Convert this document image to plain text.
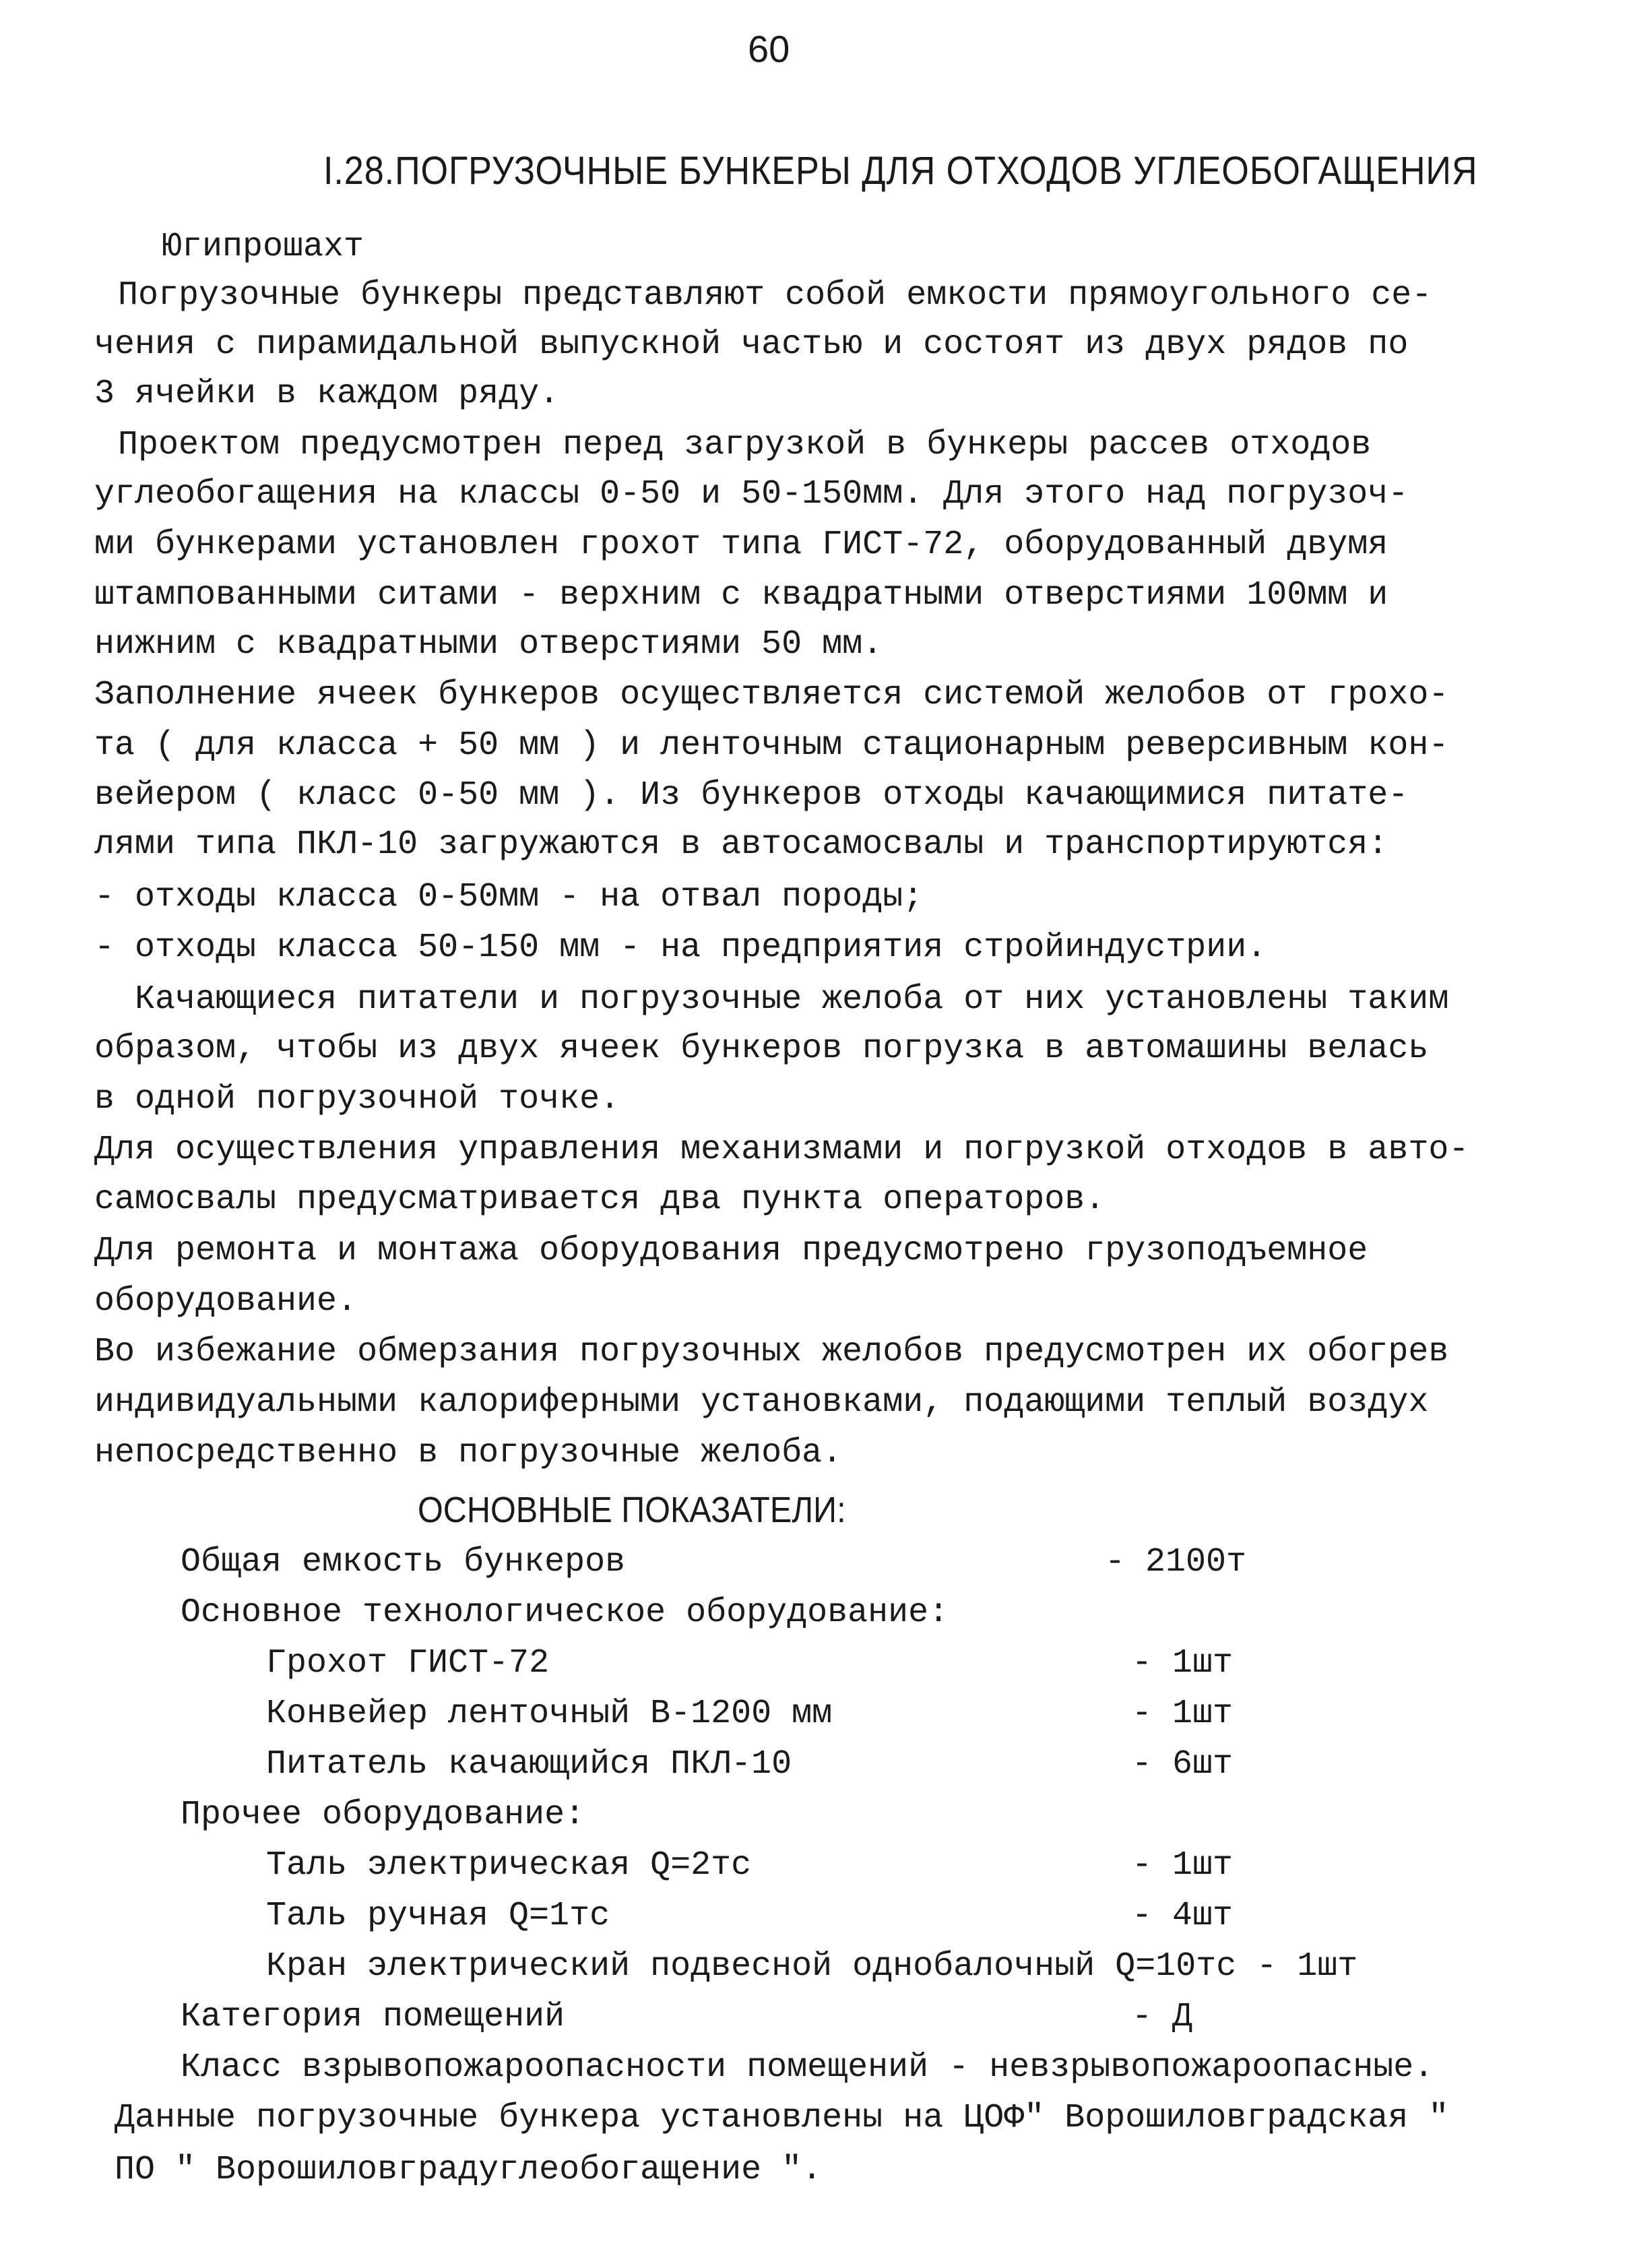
60
I.28.ПОГРУЗОЧНЫЕ БУНКЕРЫ ДЛЯ ОТХОДОВ УГЛЕОБОГАЩЕНИЯ
Югипрошахт
Погрузочные бункеры представляют собой емкости прямоугольного се-
чения с пирамидальной выпускной частью и состоят из двух рядов по
3 ячейки в каждом ряду.
Проектом предусмотрен перед загрузкой в бункеры рассев отходов
углеобогащения на классы 0-50 и 50-150мм. Для этого над погрузоч-
ми бункерами установлен грохот типа ГИСТ-72, оборудованный двумя
штампованными ситами - верхним с квадратными отверстиями 100мм и
нижним с квадратными отверстиями 50 мм.
Заполнение ячеек бункеров осуществляется системой желобов от грохо-
та ( для класса + 50 мм ) и ленточным стационарным реверсивным кон-
вейером ( класс 0-50 мм ). Из бункеров отходы качающимися питате-
лями типа ПКЛ-10 загружаются в автосамосвалы и транспортируются:
- отходы класса 0-50мм - на отвал породы;
- отходы класса 50-150 мм - на предприятия стройиндустрии.
Качающиеся питатели и погрузочные желоба от них установлены таким
образом, чтобы из двух ячеек бункеров погрузка в автомашины велась
в одной погрузочной точке.
Для осуществления управления механизмами и погрузкой отходов в авто-
самосвалы предусматривается два пункта операторов.
Для ремонта и монтажа оборудования предусмотрено грузоподъемное
оборудование.
Во избежание обмерзания погрузочных желобов предусмотрен их обогрев
индивидуальными калориферными установками, подающими теплый воздух
непосредственно в погрузочные желоба.
ОСНОВНЫЕ ПОКАЗАТЕЛИ:
Общая емкость бункеров	- 2100т
Основное технологическое оборудование:
Грохот ГИСТ-72	- 1шт
Конвейер ленточный В-1200 мм	- 1шт
Питатель качающийся ПКЛ-10	- 6шт
Прочее оборудование:
Таль электрическая Q=2тс	- 1шт
Таль ручная Q=1тс	- 4шт
Кран электрический подвесной однобалочный Q=10тс - 1шт
Категория помещений	- Д
Класс взрывопожароопасности помещений - невзрывопожароопасные.
Данные погрузочные бункера установлены на ЦОФ" Ворошиловградская "
ПО " Ворошиловградуглеобогащение ".
